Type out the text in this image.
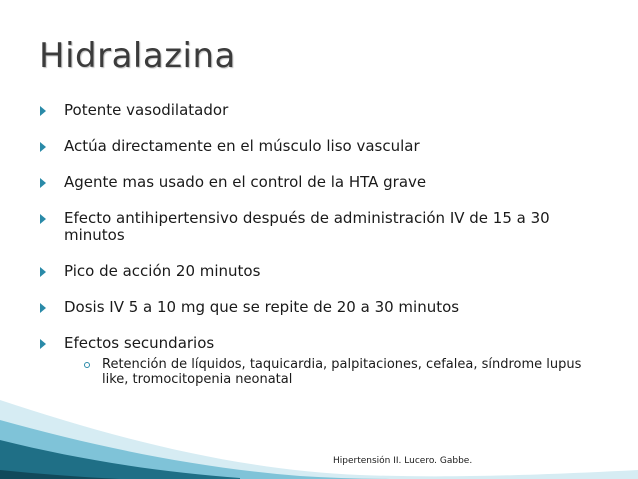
Hidralazina
Potente vasodilatador
Actúa directamente en el músculo liso vascular
Agente mas usado en el control de la HTA grave
Efecto antihipertensivo después de administración IV de 15 a 30 minutos
Pico de acción 20 minutos
Dosis IV 5 a 10 mg que se repite de 20 a 30 minutos
Efectos secundarios
Retención de líquidos, taquicardia, palpitaciones, cefalea, síndrome lupus like, tromocitopenia neonatal
Hipertensión II. Lucero. Gabbe.
